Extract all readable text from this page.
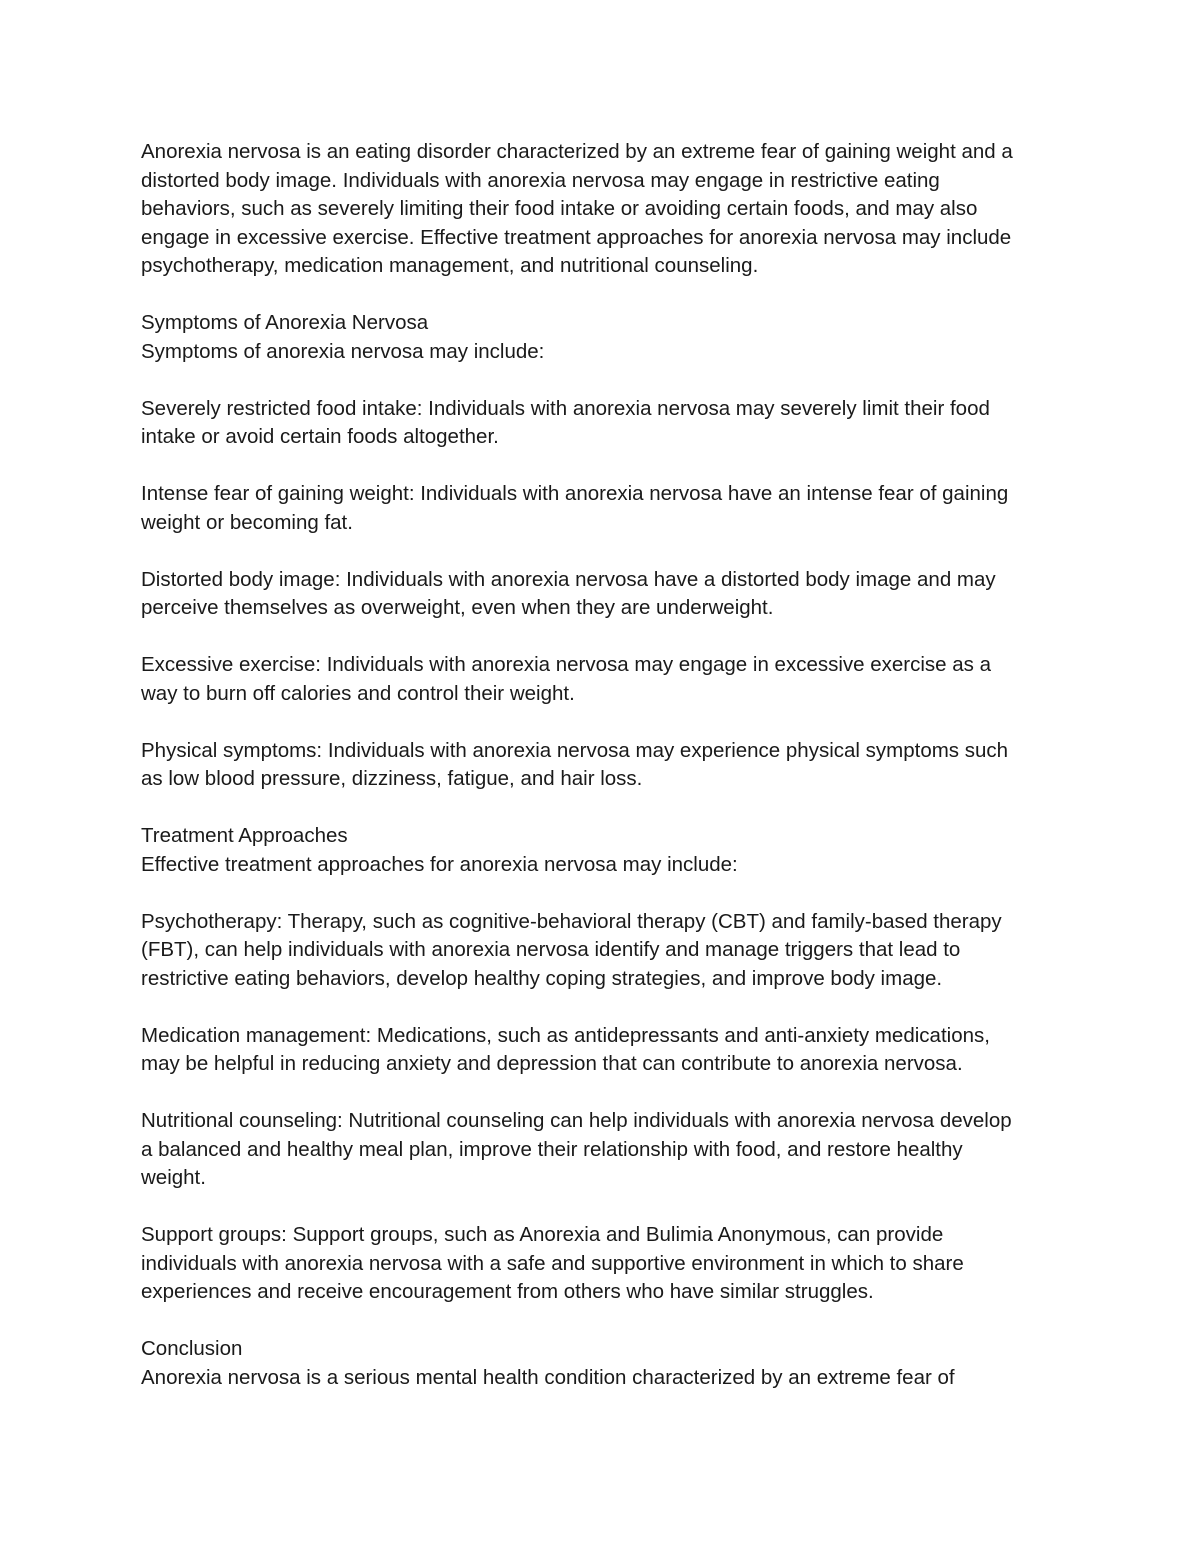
Anorexia nervosa is an eating disorder characterized by an extreme fear of gaining weight and a
distorted body image. Individuals with anorexia nervosa may engage in restrictive eating
behaviors, such as severely limiting their food intake or avoiding certain foods, and may also
engage in excessive exercise. Effective treatment approaches for anorexia nervosa may include
psychotherapy, medication management, and nutritional counseling.

Symptoms of Anorexia Nervosa

Symptoms of anorexia nervosa may include:

Severely restricted food intake: Individuals with anorexia nervosa may severely limit their food
intake or avoid certain foods altogether.

Intense fear of gaining weight: Individuals with anorexia nervosa have an intense fear of gaining
weight or becoming fat.

Distorted body image: Individuals with anorexia nervosa have a distorted body image and may
perceive themselves as overweight, even when they are underweight.

Excessive exercise: Individuals with anorexia nervosa may engage in excessive exercise as a
way to burn off calories and control their weight.

Physical symptoms: Individuals with anorexia nervosa may experience physical symptoms such
as low blood pressure, dizziness, fatigue, and hair loss.

Treatment Approaches

Effective treatment approaches for anorexia nervosa may include:

Psychotherapy: Therapy, such as cognitive-behavioral therapy (CBT) and family-based therapy
(FBT), can help individuals with anorexia nervosa identify and manage triggers that lead to
restrictive eating behaviors, develop healthy coping strategies, and improve body image.

Medication management: Medications, such as antidepressants and anti-anxiety medications,
may be helpful in reducing anxiety and depression that can contribute to anorexia nervosa.

Nutritional counseling: Nutritional counseling can help individuals with anorexia nervosa develop
a balanced and healthy meal plan, improve their relationship with food, and restore healthy
weight.

Support groups: Support groups, such as Anorexia and Bulimia Anonymous, can provide
individuals with anorexia nervosa with a safe and supportive environment in which to share
experiences and receive encouragement from others who have similar struggles.

Conclusion

Anorexia nervosa is a serious mental health condition characterized by an extreme fear of
